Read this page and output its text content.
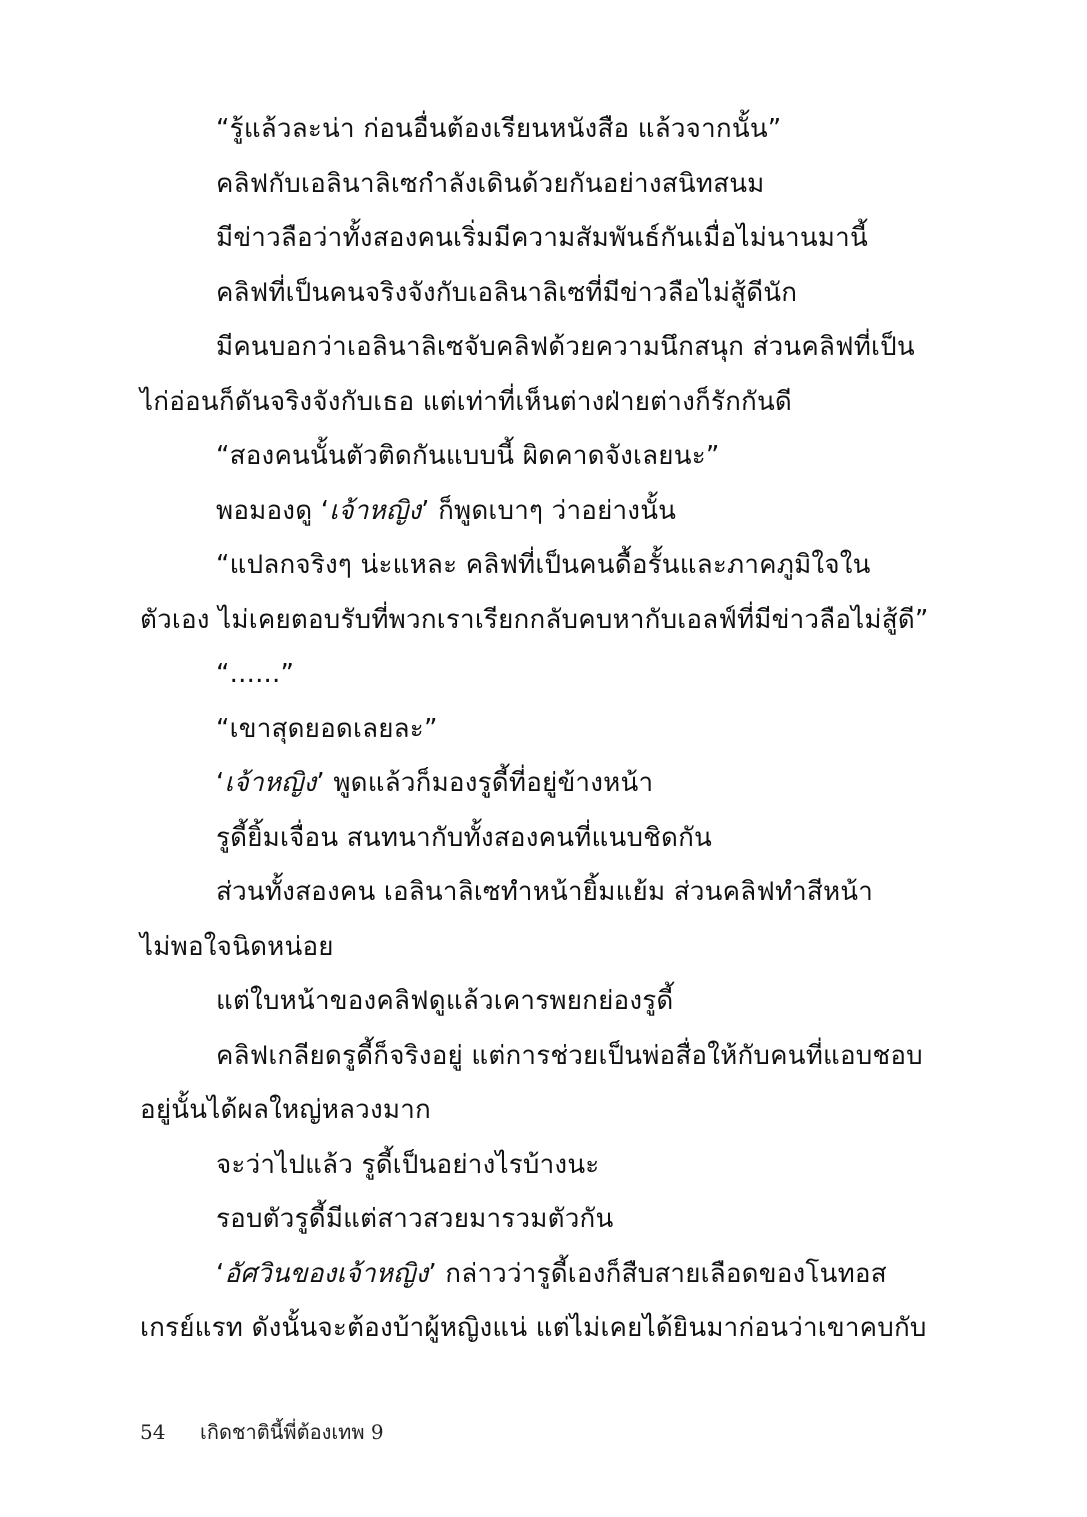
“รู้แล้วละน่า ก่อนอื่นต้องเรียนหนังสือ แล้วจากนั้น”
คลิฟกับเอลินาลิเซกำลังเดินด้วยกันอย่างสนิทสนม
มีข่าวลือว่าทั้งสองคนเริ่มมีความสัมพันธ์กันเมื่อไม่นานมานี้
คลิฟที่เป็นคนจริงจังกับเอลินาลิเซที่มีข่าวลือไม่สู้ดีนัก
มีคนบอกว่าเอลินาลิเซจับคลิฟด้วยความนึกสนุก ส่วนคลิฟที่เป็น
ไก่อ่อนก็ดันจริงจังกับเธอ แต่เท่าที่เห็นต่างฝ่ายต่างก็รักกันดี
“สองคนนั้นตัวติดกันแบบนี้ ผิดคาดจังเลยนะ”
พอมองดู ‘เจ้าหญิง’ ก็พูดเบาๆ ว่าอย่างนั้น
“แปลกจริงๆ น่ะแหละ คลิฟที่เป็นคนดื้อรั้นและภาคภูมิใจใน
ตัวเอง ไม่เคยตอบรับที่พวกเราเรียกกลับคบหากับเอลฟ์ที่มีข่าวลือไม่สู้ดี”
“......”
“เขาสุดยอดเลยละ”
‘เจ้าหญิง’ พูดแล้วก็มองรูดี้ที่อยู่ข้างหน้า
รูดี้ยิ้มเจื่อน สนทนากับทั้งสองคนที่แนบชิดกัน
ส่วนทั้งสองคน เอลินาลิเซทำหน้ายิ้มแย้ม ส่วนคลิฟทำสีหน้า
ไม่พอใจนิดหน่อย
แต่ใบหน้าของคลิฟดูแล้วเคารพยกย่องรูดี้
คลิฟเกลียดรูดี้ก็จริงอยู่ แต่การช่วยเป็นพ่อสื่อให้กับคนที่แอบชอบ
อยู่นั้นได้ผลใหญ่หลวงมาก
จะว่าไปแล้ว รูดี้เป็นอย่างไรบ้างนะ
รอบตัวรูดี้มีแต่สาวสวยมารวมตัวกัน
‘อัศวินของเจ้าหญิง’ กล่าวว่ารูดี้เองก็สืบสายเลือดของโนทอส
เกรย์แรท ดังนั้นจะต้องบ้าผู้หญิงแน่ แต่ไม่เคยได้ยินมาก่อนว่าเขาคบกับ
54 เกิดชาตินี้พี่ต้องเทพ 9
